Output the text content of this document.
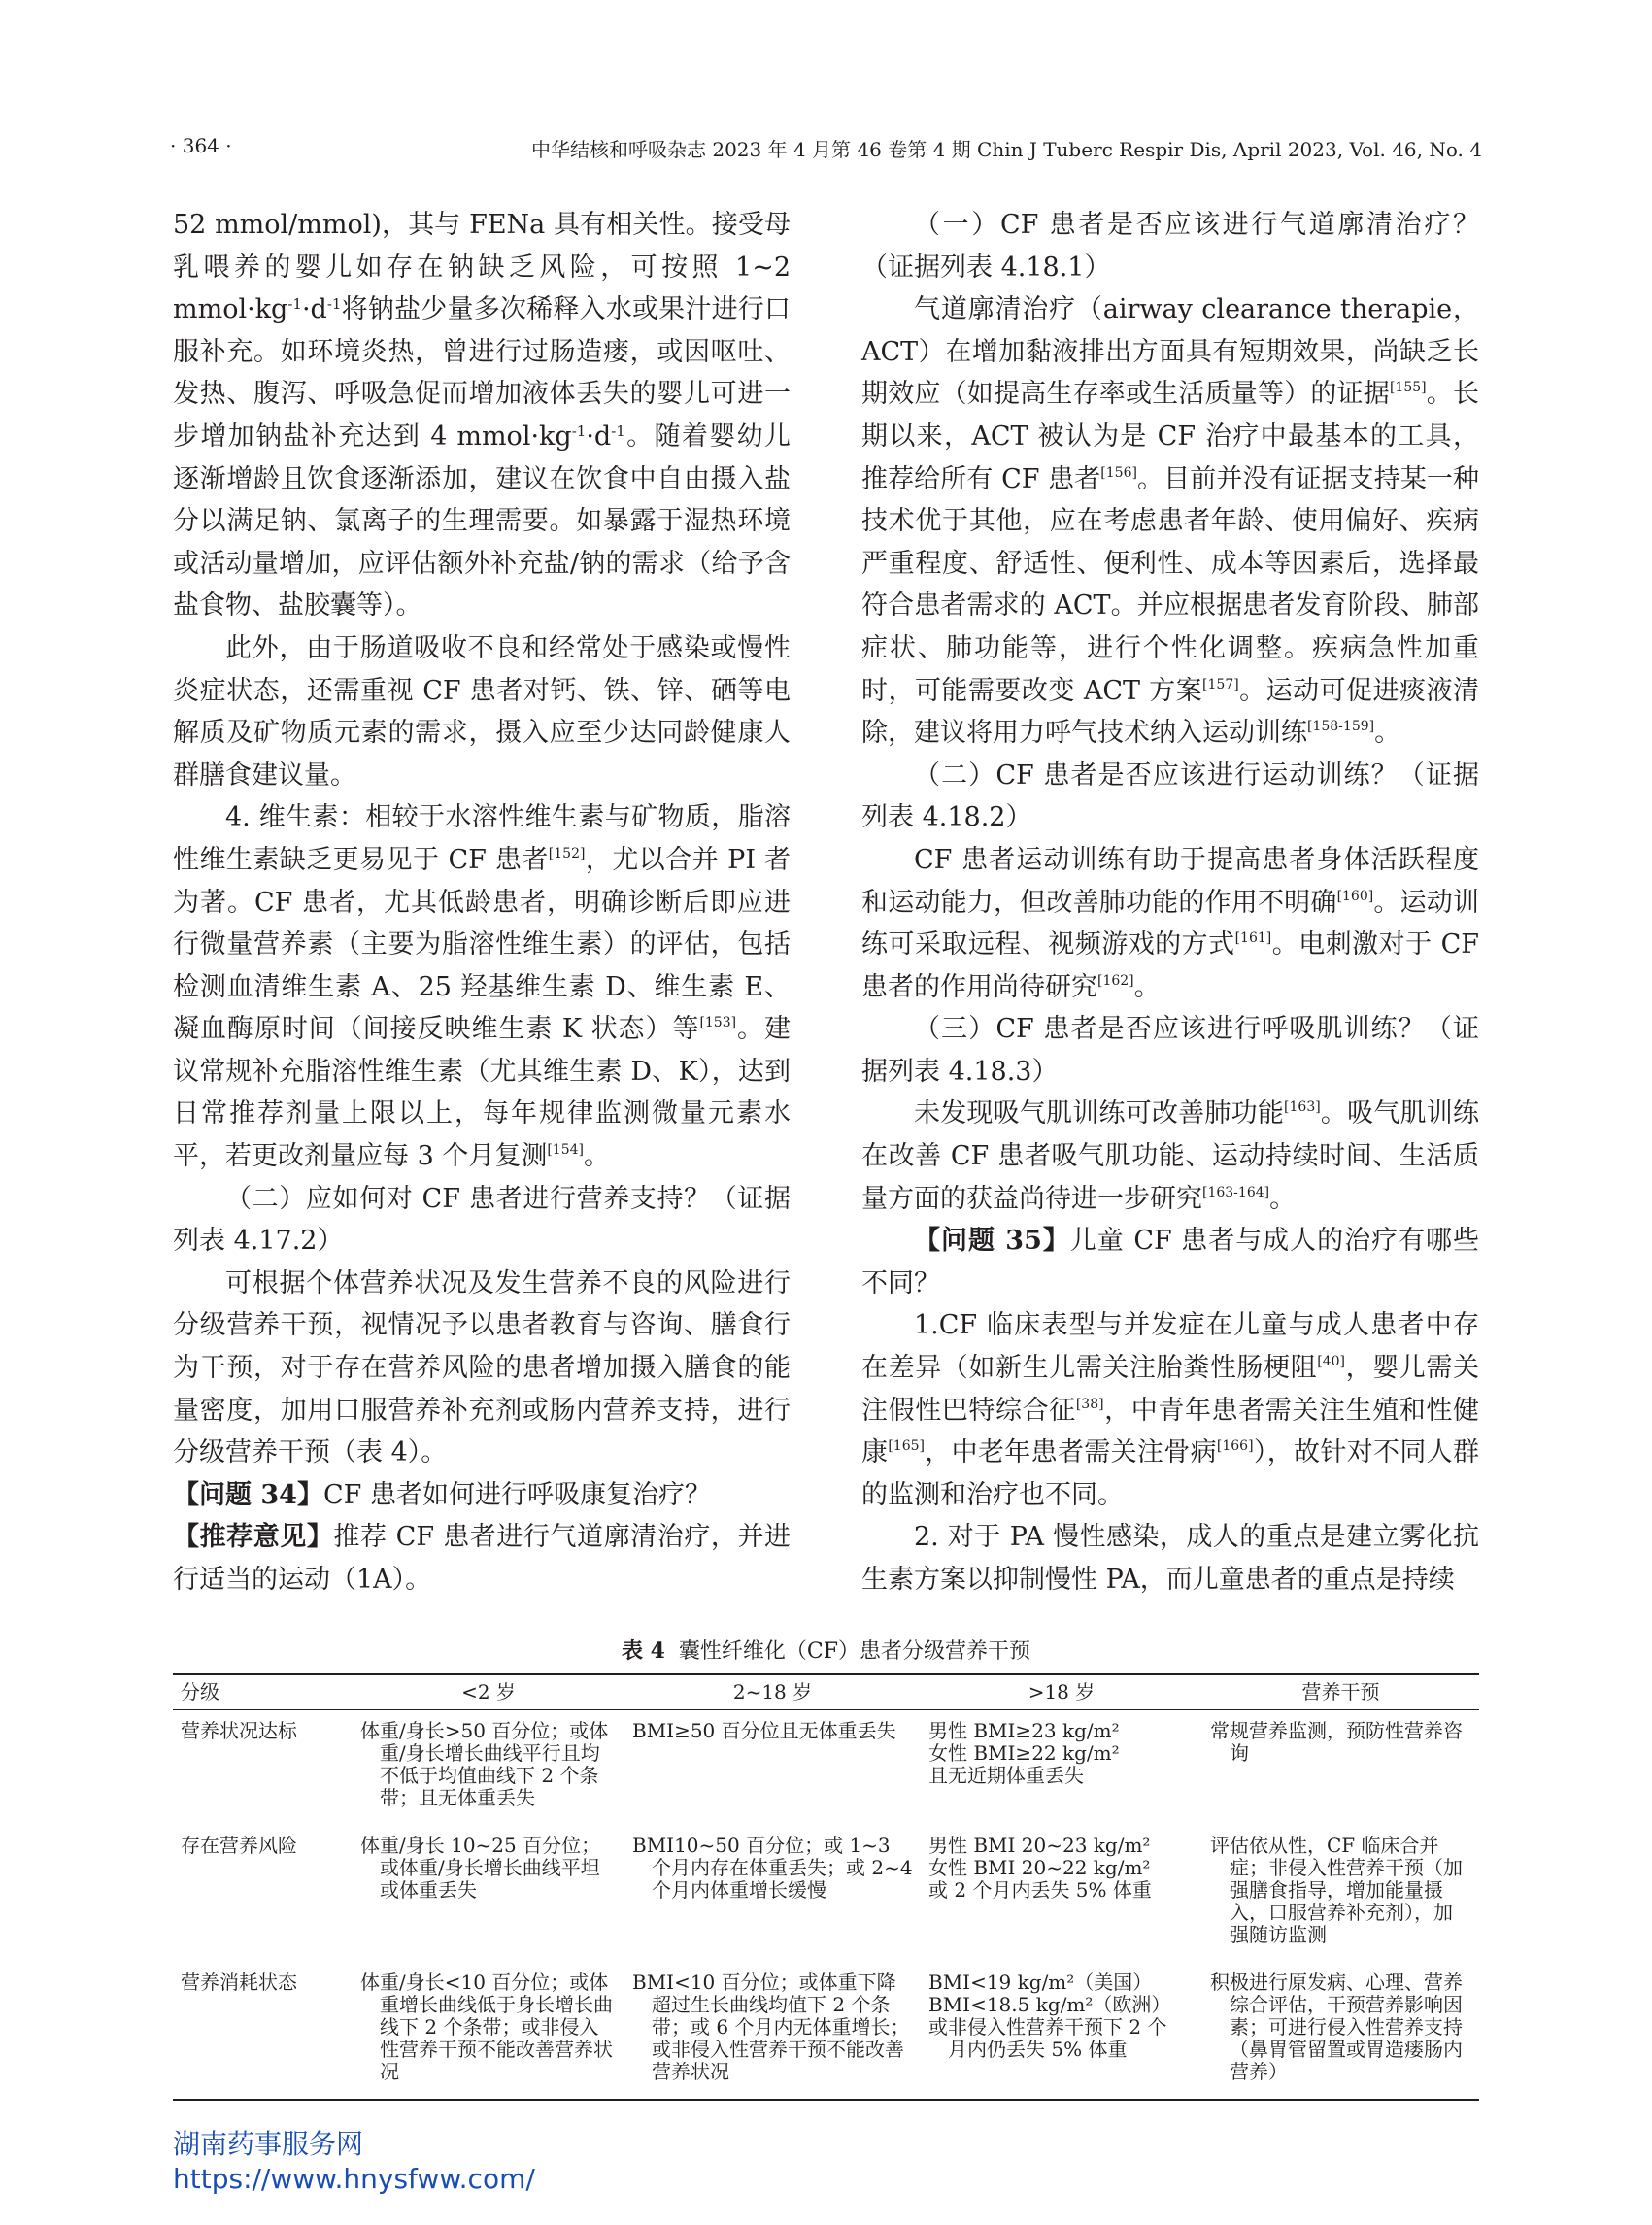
· 364 ·	中华结核和呼吸杂志 2023 年 4 月第 46 卷第 4 期 Chin J Tuberc Respir Dis, April 2023, Vol. 46, No. 4

52 mmol/mmol)，其与 FENa 具有相关性。接受母乳喂养的婴儿如存在钠缺乏风险，可按照 1~2 $mmol\cdot kg^{-1}\cdot d^{-1}$将钠盐少量多次稀释入水或果汁进行口服补充。如环境炎热，曾进行过肠造瘘，或因呕吐、发热、腹泻、呼吸急促而增加液体丢失的婴儿可进一步增加钠盐补充达到 4 $mmol\cdot kg^{-1}\cdot d^{-1}$。随着婴幼儿逐渐增龄且饮食逐渐添加，建议在饮食中自由摄入盐分以满足钠、氯离子的生理需要。如暴露于湿热环境或活动量增加，应评估额外补充盐/钠的需求（给予含盐食物、盐胶囊等）。

此外，由于肠道吸收不良和经常处于感染或慢性炎症状态，还需重视 CF 患者对钙、铁、锌、硒等电解质及矿物质元素的需求，摄入应至少达同龄健康人群膳食建议量。

4. 维生素：相较于水溶性维生素与矿物质，脂溶性维生素缺乏更易见于 CF 患者[152]，尤以合并 PI 者为著。CF 患者，尤其低龄患者，明确诊断后即应进行微量营养素（主要为脂溶性维生素）的评估，包括检测血清维生素 A、25 羟基维生素 D、维生素 E、凝血酶原时间（间接反映维生素 K 状态）等[153]。建议常规补充脂溶性维生素（尤其维生素 D、K），达到日常推荐剂量上限以上，每年规律监测微量元素水平，若更改剂量应每 3 个月复测[154]。

（二）应如何对 CF 患者进行营养支持？（证据列表 4.17.2）

可根据个体营养状况及发生营养不良的风险进行分级营养干预，视情况予以患者教育与咨询、膳食行为干预，对于存在营养风险的患者增加摄入膳食的能量密度，加用口服营养补充剂或肠内营养支持，进行分级营养干预（表 4）。

【问题 34】CF 患者如何进行呼吸康复治疗？

【推荐意见】推荐 CF 患者进行气道廓清治疗，并进行适当的运动（1A）。

（一）CF 患者是否应该进行气道廓清治疗？（证据列表 4.18.1）

气道廓清治疗（airway clearance therapie，ACT）在增加黏液排出方面具有短期效果，尚缺乏长期效应（如提高生存率或生活质量等）的证据[155]。长期以来，ACT 被认为是 CF 治疗中最基本的工具，推荐给所有 CF 患者[156]。目前并没有证据支持某一种技术优于其他，应在考虑患者年龄、使用偏好、疾病严重程度、舒适性、便利性、成本等因素后，选择最符合患者需求的 ACT。并应根据患者发育阶段、肺部症状、肺功能等，进行个性化调整。疾病急性加重时，可能需要改变 ACT 方案[157]。运动可促进痰液清除，建议将用力呼气技术纳入运动训练[158-159]。

（二）CF 患者是否应该进行运动训练？（证据列表 4.18.2）

CF 患者运动训练有助于提高患者身体活跃程度和运动能力，但改善肺功能的作用不明确[160]。运动训练可采取远程、视频游戏的方式[161]。电刺激对于 CF 患者的作用尚待研究[162]。

（三）CF 患者是否应该进行呼吸肌训练？（证据列表 4.18.3）

未发现吸气肌训练可改善肺功能[163]。吸气肌训练在改善 CF 患者吸气肌功能、运动持续时间、生活质量方面的获益尚待进一步研究[163-164]。

【问题 35】儿童 CF 患者与成人的治疗有哪些不同？

1.CF 临床表型与并发症在儿童与成人患者中存在差异（如新生儿需关注胎粪性肠梗阻[40]，婴儿需关注假性巴特综合征[38]，中青年患者需关注生殖和性健康[165]，中老年患者需关注骨病[166]），故针对不同人群的监测和治疗也不同。

2. 对于 PA 慢性感染，成人的重点是建立雾化抗生素方案以抑制慢性 PA，而儿童患者的重点是持续

表 4 囊性纤维化（CF）患者分级营养干预
分级	<2 岁	2~18 岁	>18 岁	营养干预
营养状况达标	体重/身长>50 百分位；或体重/身长增长曲线平行且均不低于均值曲线下 2 个条带；且无体重丢失	BMI≥50 百分位且无体重丢失	男性 BMI≥23 kg/m²
女性 BMI≥22 kg/m²
且无近期体重丢失	常规营养监测，预防性营养咨询

存在营养风险	体重/身长 10~25 百分位；或体重/身长增长曲线平坦或体重丢失	BMI10~50 百分位；或 1~3 个月内存在体重丢失；或 2~4 个月内体重增长缓慢	男性 BMI 20~23 kg/m²
女性 BMI 20~22 kg/m²
或 2 个月内丢失 5% 体重	评估依从性，CF 临床合并症；非侵入性营养干预（加强膳食指导，增加能量摄入，口服营养补充剂），加强随访监测

营养消耗状态	体重/身长<10 百分位；或体重增长曲线低于身长增长曲线下 2 个条带；或非侵入性营养干预不能改善营养状况	BMI<10 百分位；或体重下降超过生长曲线均值下 2 个条带；或 6 个月内无体重增长；或非侵入性营养干预不能改善营养状况	BMI<19 kg/m²（美国）
BMI<18.5 kg/m²（欧洲）
或非侵入性营养干预下 2 个
月内仍丢失 5% 体重	积极进行原发病、心理、营养综合评估，干预营养影响因素；可进行侵入性营养支持（鼻胃管留置或胃造瘘肠内营养）
湖南药事服务网
https://www.hnysfww.com/
